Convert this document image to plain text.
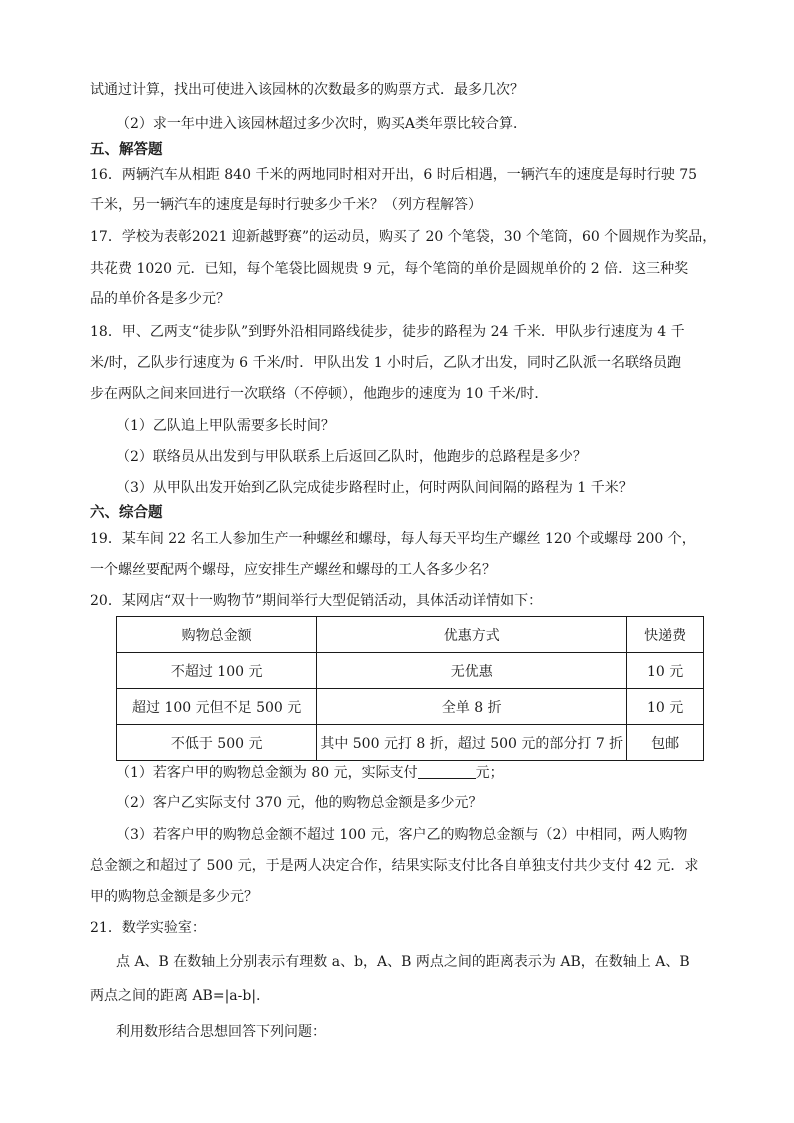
试通过计算，找出可使进入该园林的次数最多的购票方式．最多几次？
（2）求一年中进入该园林超过多少次时，购买A类年票比较合算．
五、解答题
16．两辆汽车从相距 840 千米的两地同时相对开出，6 时后相遇，一辆汽车的速度是每时行驶 75
千米，另一辆汽车的速度是每时行驶多少千米？（列方程解答）
17．学校为表彰2021 迎新越野赛”的运动员，购买了 20 个笔袋，30 个笔筒，60 个圆规作为奖品，
共花费 1020 元．已知，每个笔袋比圆规贵 9 元，每个笔筒的单价是圆规单价的 2 倍．这三种奖
品的单价各是多少元？
18．甲、乙两支“徒步队”到野外沿相同路线徒步，徒步的路程为 24 千米．甲队步行速度为 4 千
米/时，乙队步行速度为 6 千米/时．甲队出发 1 小时后，乙队才出发，同时乙队派一名联络员跑
步在两队之间来回进行一次联络（不停顿），他跑步的速度为 10 千米/时．
（1）乙队追上甲队需要多长时间？
（2）联络员从出发到与甲队联系上后返回乙队时，他跑步的总路程是多少？
（3）从甲队出发开始到乙队完成徒步路程时止，何时两队间间隔的路程为 1 千米？
六、综合题
19．某车间 22 名工人参加生产一种螺丝和螺母，每人每天平均生产螺丝 120 个或螺母 200 个，
一个螺丝要配两个螺母，应安排生产螺丝和螺母的工人各多少名？
20．某网店“双十一购物节”期间举行大型促销活动，具体活动详情如下：
购物总金额	优惠方式	快递费
不超过 100 元	无优惠	10 元
超过 100 元但不足 500 元	全单 8 折	10 元
不低于 500 元	其中 500 元打 8 折，超过 500 元的部分打 7 折	包邮
（1）若客户甲的购物总金额为 80 元，实际支付	元；
（2）客户乙实际支付 370 元，他的购物总金额是多少元？
（3）若客户甲的购物总金额不超过 100 元，客户乙的购物总金额与（2）中相同，两人购物
总金额之和超过了 500 元，于是两人决定合作，结果实际支付比各自单独支付共少支付 42 元．求
甲的购物总金额是多少元？
21．数学实验室：
点 A、B 在数轴上分别表示有理数 a、b，A、B 两点之间的距离表示为 AB，在数轴上 A、B
两点之间的距离 AB=|a-b|.
利用数形结合思想回答下列问题：
